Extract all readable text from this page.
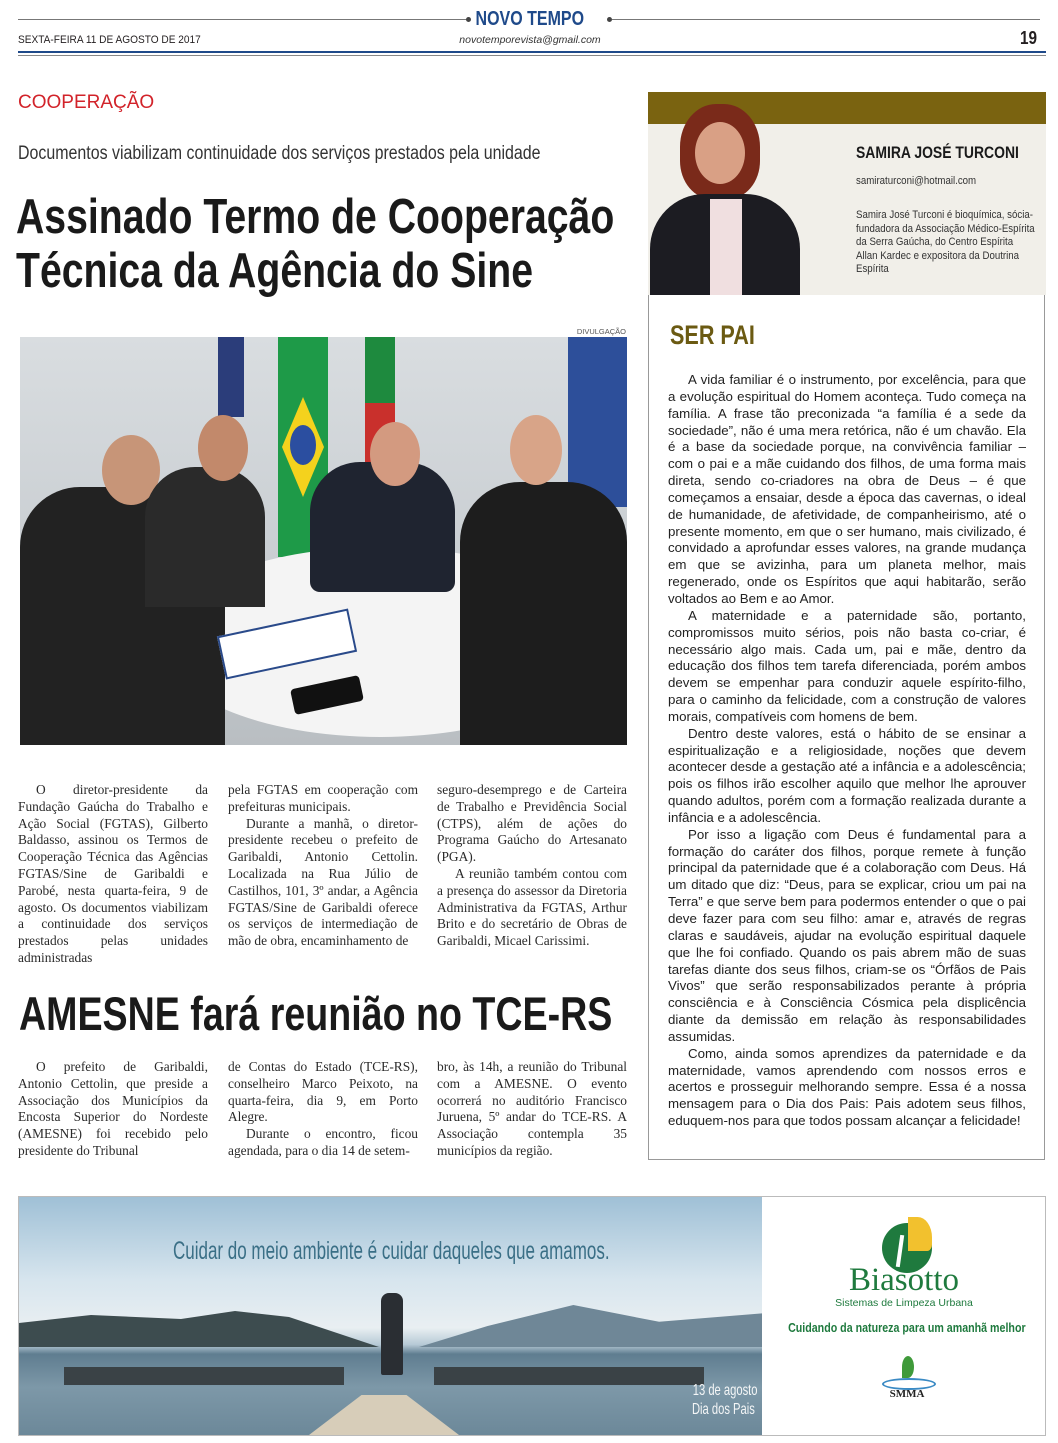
NOVO TEMPO
SEXTA-FEIRA 11 DE AGOSTO DE 2017	novotemporevista@gmail.com	19
COOPERAÇÃO
Documentos viabilizam continuidade dos serviços prestados pela unidade
Assinado Termo de Cooperação
Técnica da Agência do Sine
DIVULGAÇÃO

O diretor-presidente da Fundação Gaúcha do Trabalho e Ação Social (FGTAS), Gilberto Baldasso, assinou os Termos de Cooperação Técnica das Agências FGTAS/Sine de Garibaldi e Parobé, nesta quarta-feira, 9 de agosto. Os documentos viabilizam a continuidade dos serviços prestados pelas unidades administradas

pela FGTAS em cooperação com prefeituras municipais.

Durante a manhã, o diretor-presidente recebeu o prefeito de Garibaldi, Antonio Cettolin. Localizada na Rua Júlio de Castilhos, 101, 3º andar, a Agência FGTAS/Sine de Garibaldi oferece os serviços de intermediação de mão de obra, encaminhamento de

seguro-desemprego e de Carteira de Trabalho e Previdência Social (CTPS), além de ações do Programa Gaúcho do Artesanato (PGA).

A reunião também contou com a presença do assessor da Diretoria Administrativa da FGTAS, Arthur Brito e do secretário de Obras de Garibaldi, Micael Carissimi.

AMESNE fará reunião no TCE-RS

O prefeito de Garibaldi, Antonio Cettolin, que preside a Associação dos Municípios da Encosta Superior do Nordeste (AMESNE) foi recebido pelo presidente do Tribunal

de Contas do Estado (TCE-RS), conselheiro Marco Peixoto, na quarta-feira, dia 9, em Porto Alegre.

Durante o encontro, ficou agendada, para o dia 14 de setem-

bro, às 14h, a reunião do Tribunal com a AMESNE. O evento ocorrerá no auditório Francisco Juruena, 5º andar do TCE-RS. A Associação contempla 35 municípios da região.

SAMIRA JOSÉ TURCONI
samiraturconi@hotmail.com
Samira José Turconi é bioquímica, sócia-fundadora da Associação Médico-Espírita da Serra Gaúcha, do Centro Espírita Allan Kardec e expositora da Doutrina Espírita
SER PAI

A vida familiar é o instrumento, por excelência, para que a evolução espiritual do Homem aconteça. Tudo começa na família. A frase tão preconizada “a família é a sede da sociedade”, não é uma mera retórica, não é um chavão. Ela é a base da sociedade porque, na convivência familiar – com o pai e a mãe cuidando dos filhos, de uma forma mais direta, sendo co-criadores na obra de Deus – é que começamos a ensaiar, desde a época das cavernas, o ideal de humanidade, de afetividade, de companheirismo, até o presente momento, em que o ser humano, mais civilizado, é convidado a aprofundar esses valores, na grande mudança em que se avizinha, para um planeta melhor, mais regenerado, onde os Espíritos que aqui habitarão, serão voltados ao Bem e ao Amor.

A maternidade e a paternidade são, portanto, compromissos muito sérios, pois não basta co-criar, é necessário algo mais. Cada um, pai e mãe, dentro da educação dos filhos tem tarefa diferenciada, porém ambos devem se empenhar para conduzir aquele espírito-filho, para o caminho da felicidade, com a construção de valores morais, compatíveis com homens de bem.

Dentro deste valores, está o hábito de se ensinar a espiritualização e a religiosidade, noções que devem acontecer desde a gestação até a infância e a adolescência; pois os filhos irão escolher aquilo que melhor lhe aprouver quando adultos, porém com a formação realizada durante a infância e a adolescência.

Por isso a ligação com Deus é fundamental para a formação do caráter dos filhos, porque remete à função principal da paternidade que é a colaboração com Deus. Há um ditado que diz: “Deus, para se explicar, criou um pai na Terra” e que serve bem para podermos entender o que o pai deve fazer para com seu filho: amar e, através de regras claras e saudáveis, ajudar na evolução espiritual daquele que lhe foi confiado. Quando os pais abrem mão de suas tarefas diante dos seus filhos, criam-se os “Órfãos de Pais Vivos” que serão responsabilizados perante à própria consciência e à Consciência Cósmica pela displicência diante da demissão em relação às responsabilidades assumidas.

Como, ainda somos aprendizes da paternidade e da maternidade, vamos aprendendo com nossos erros e acertos e prosseguir melhorando sempre. Essa é a nossa mensagem para o Dia dos Pais: Pais adotem seus filhos, eduquem-nos para que todos possam alcançar a felicidade!

Cuidar do meio ambiente é cuidar daqueles que amamos.
13 de agosto
Dia dos Pais
Biasotto
Sistemas de Limpeza Urbana
Cuidando da natureza para um amanhã melhor
SMMA
